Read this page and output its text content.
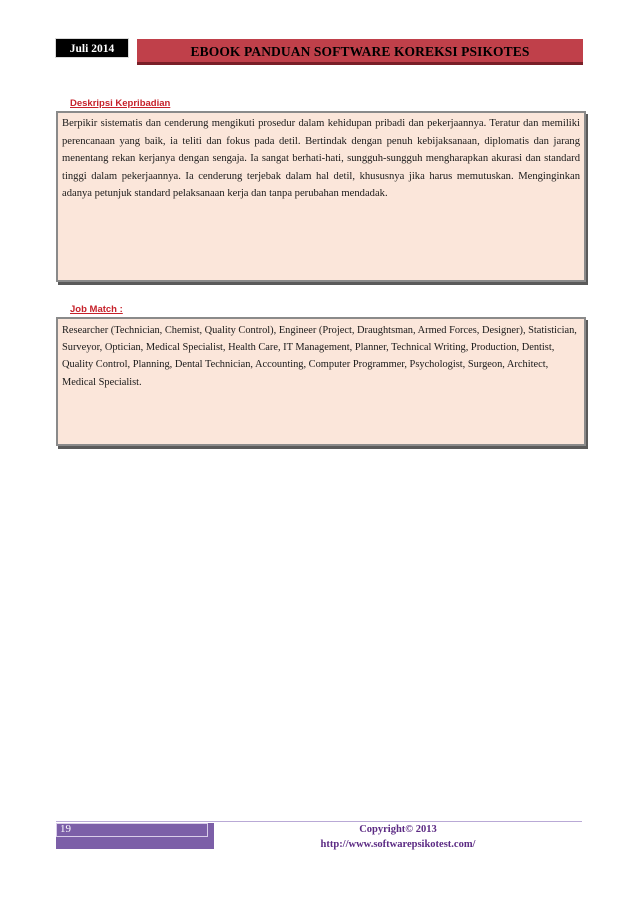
Juli 2014	EBOOK PANDUAN SOFTWARE KOREKSI PSIKOTES
Deskripsi Kepribadian

Berpikir sistematis dan cenderung mengikuti prosedur dalam kehidupan pribadi dan pekerjaannya. Teratur dan memiliki perencanaan yang baik, ia teliti dan fokus pada detil. Bertindak dengan penuh kebijaksanaan, diplomatis dan jarang menentang rekan kerjanya dengan sengaja. Ia sangat berhati-hati, sungguh-sungguh mengharapkan akurasi dan standard tinggi dalam pekerjaannya. Ia cenderung terjebak dalam hal detil, khususnya jika harus memutuskan. Menginginkan adanya petunjuk standard pelaksanaan kerja dan tanpa perubahan mendadak.

Job Match :

Researcher (Technician, Chemist, Quality Control), Engineer (Project, Draughtsman, Armed Forces, Designer), Statistician, Surveyor, Optician, Medical Specialist, Health Care, IT Management, Planner, Technical Writing, Production, Dentist, Quality Control, Planning, Dental Technician, Accounting, Computer Programmer, Psychologist, Surgeon, Architect, Medical Specialist.

19	Copyright© 2013
http://www.softwarepsikotest.com/
